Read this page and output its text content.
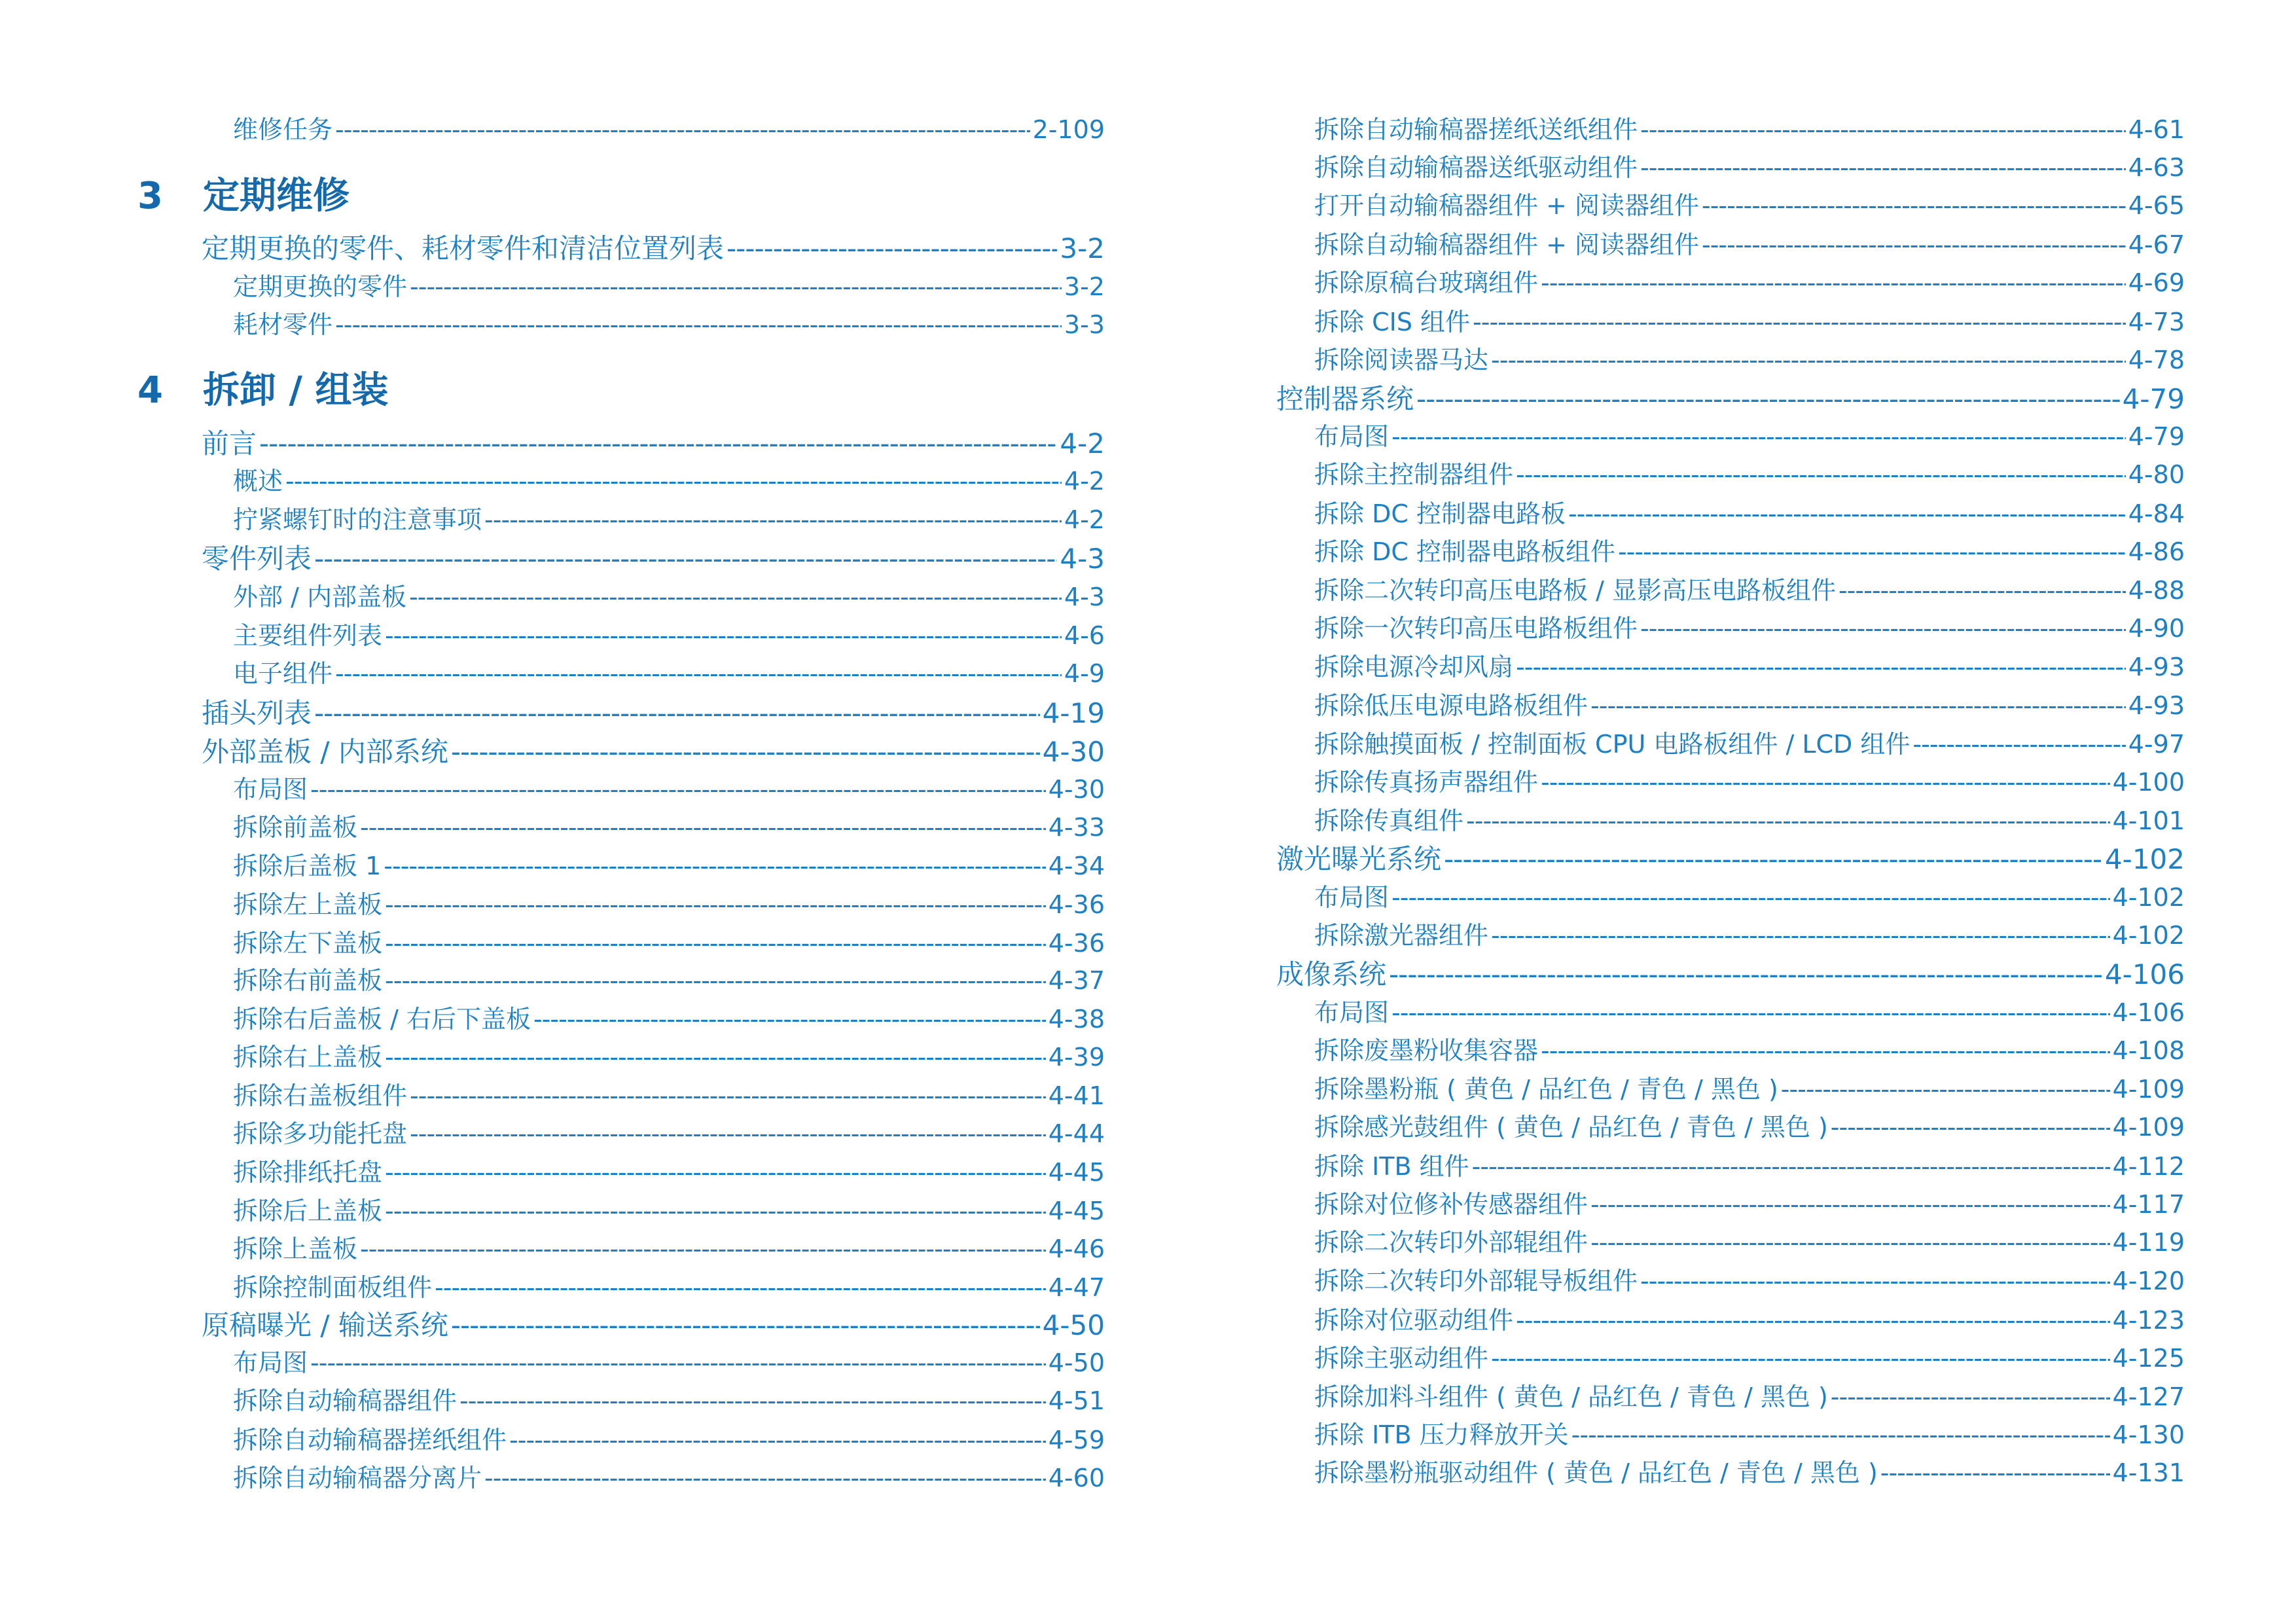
维修任务 -----	2-109
3	定期维修
定期更换的零件、耗材零件和清洁位置列表 -----	3-2
定期更换的零件 -----	3-2
耗材零件 -----	3-3
4	拆卸 / 组装
前言 -----	4-2
概述 -----	4-2
拧紧螺钉时的注意事项 -----	4-2
零件列表 -----	4-3
外部 / 内部盖板 -----	4-3
主要组件列表 -----	4-6
电子组件 -----	4-9
插头列表 -----	4-19
外部盖板 / 内部系统 -----	4-30
布局图 -----	4-30
拆除前盖板 -----	4-33
拆除后盖板 1 -----	4-34
拆除左上盖板 -----	4-36
拆除左下盖板 -----	4-36
拆除右前盖板 -----	4-37
拆除右后盖板 / 右后下盖板 -----	4-38
拆除右上盖板 -----	4-39
拆除右盖板组件 -----	4-41
拆除多功能托盘 -----	4-44
拆除排纸托盘 -----	4-45
拆除后上盖板 -----	4-45
拆除上盖板 -----	4-46
拆除控制面板组件 -----	4-47
原稿曝光 / 输送系统 -----	4-50
布局图 -----	4-50
拆除自动输稿器组件 -----	4-51
拆除自动输稿器搓纸组件 -----	4-59
拆除自动输稿器分离片 -----	4-60
拆除自动输稿器搓纸送纸组件 -----	4-61
拆除自动输稿器送纸驱动组件 -----	4-63
打开自动输稿器组件 + 阅读器组件 -----	4-65
拆除自动输稿器组件 + 阅读器组件 -----	4-67
拆除原稿台玻璃组件 -----	4-69
拆除 CIS 组件 -----	4-73
拆除阅读器马达 -----	4-78
控制器系统 -----	4-79
布局图 -----	4-79
拆除主控制器组件 -----	4-80
拆除 DC 控制器电路板 -----	4-84
拆除 DC 控制器电路板组件 -----	4-86
拆除二次转印高压电路板 / 显影高压电路板组件 -----	4-88
拆除一次转印高压电路板组件 -----	4-90
拆除电源冷却风扇 -----	4-93
拆除低压电源电路板组件 -----	4-93
拆除触摸面板 / 控制面板 CPU 电路板组件 / LCD 组件 -----	4-97
拆除传真扬声器组件 -----	4-100
拆除传真组件 -----	4-101
激光曝光系统 -----	4-102
布局图 -----	4-102
拆除激光器组件 -----	4-102
成像系统 -----	4-106
布局图 -----	4-106
拆除废墨粉收集容器 -----	4-108
拆除墨粉瓶 ( 黄色 / 品红色 / 青色 / 黑色 ) -----	4-109
拆除感光鼓组件 ( 黄色 / 品红色 / 青色 / 黑色 ) -----	4-109
拆除 ITB 组件 -----	4-112
拆除对位修补传感器组件 -----	4-117
拆除二次转印外部辊组件 -----	4-119
拆除二次转印外部辊导板组件 -----	4-120
拆除对位驱动组件 -----	4-123
拆除主驱动组件 -----	4-125
拆除加料斗组件 ( 黄色 / 品红色 / 青色 / 黑色 ) -----	4-127
拆除 ITB 压力释放开关 -----	4-130
拆除墨粉瓶驱动组件 ( 黄色 / 品红色 / 青色 / 黑色 ) -----	4-131
